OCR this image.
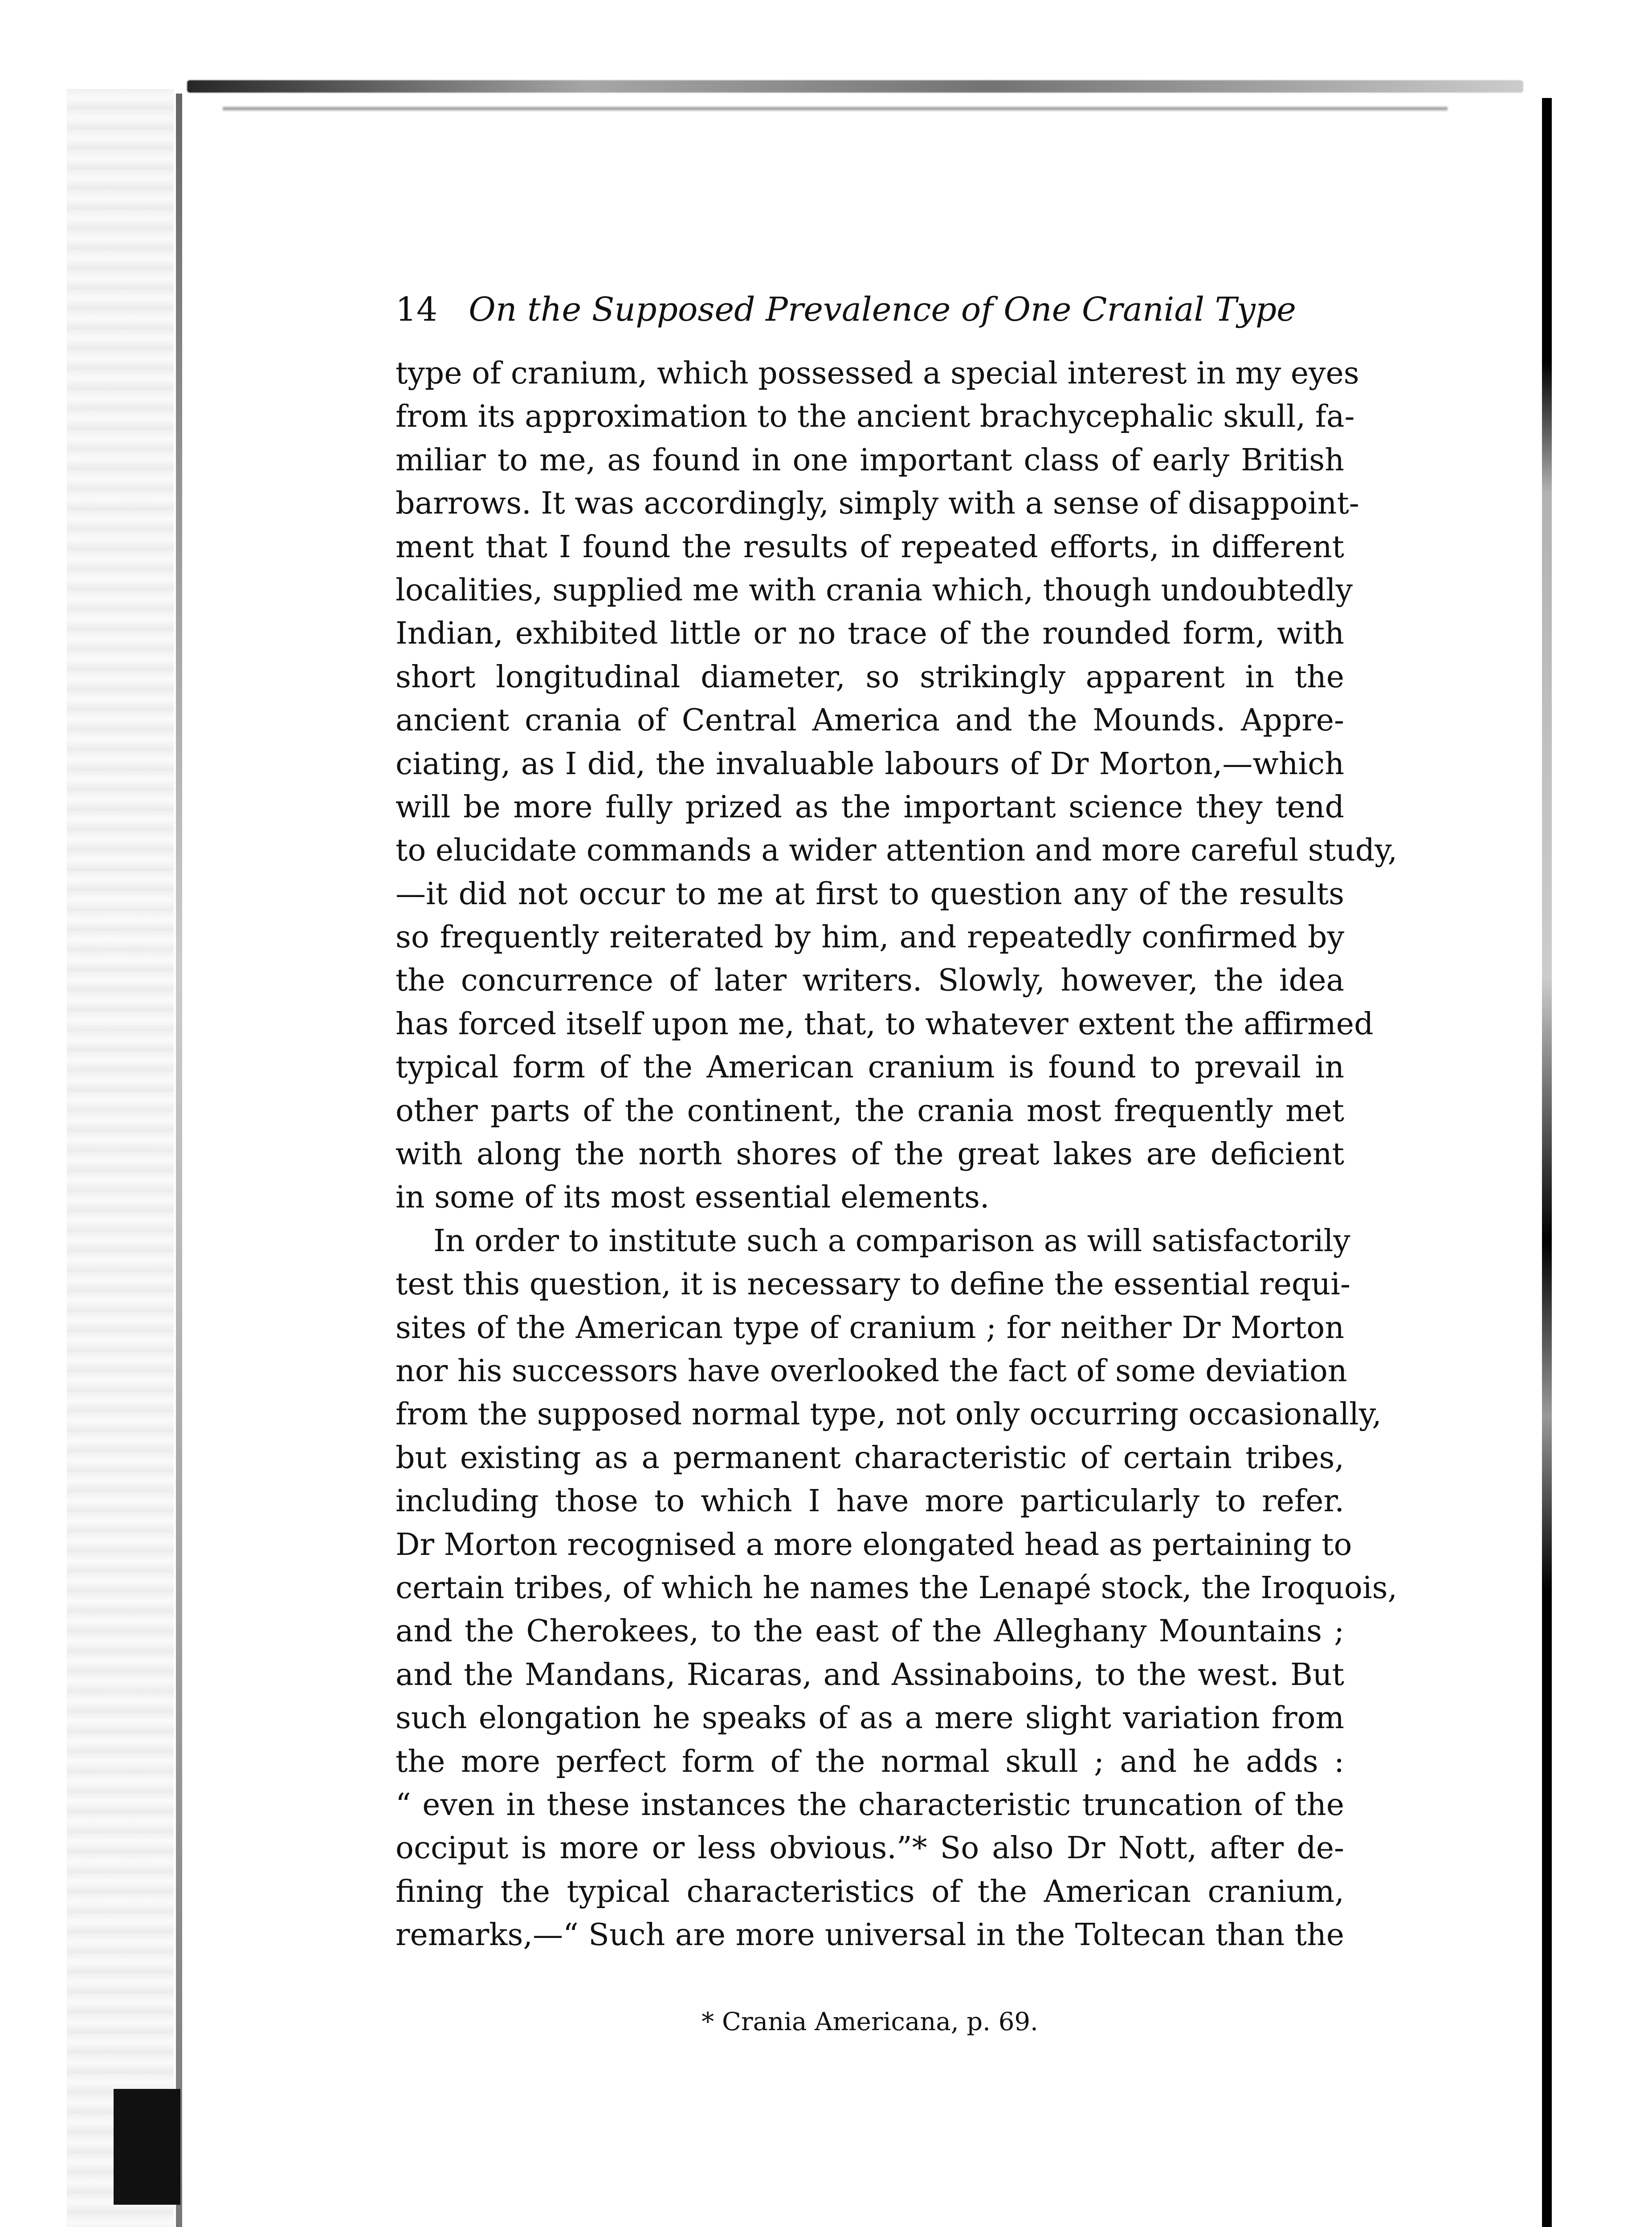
14 On the Supposed Prevalence of One Cranial Type
type of cranium, which possessed a special interest in my eyes
from its approximation to the ancient brachycephalic skull, fa-
miliar to me, as found in one important class of early British
barrows. It was accordingly, simply with a sense of disappoint-
ment that I found the results of repeated efforts, in different
localities, supplied me with crania which, though undoubtedly
Indian, exhibited little or no trace of the rounded form, with
short longitudinal diameter, so strikingly apparent in the
ancient crania of Central America and the Mounds. Appre-
ciating, as I did, the invaluable labours of Dr Morton,—which
will be more fully prized as the important science they tend
to elucidate commands a wider attention and more careful study,
—it did not occur to me at first to question any of the results
so frequently reiterated by him, and repeatedly confirmed by
the concurrence of later writers. Slowly, however, the idea
has forced itself upon me, that, to whatever extent the affirmed
typical form of the American cranium is found to prevail in
other parts of the continent, the crania most frequently met
with along the north shores of the great lakes are deficient
in some of its most essential elements.
In order to institute such a comparison as will satisfactorily
test this question, it is necessary to define the essential requi-
sites of the American type of cranium ; for neither Dr Morton
nor his successors have overlooked the fact of some deviation
from the supposed normal type, not only occurring occasionally,
but existing as a permanent characteristic of certain tribes,
including those to which I have more particularly to refer.
Dr Morton recognised a more elongated head as pertaining to
certain tribes, of which he names the Lenapé stock, the Iroquois,
and the Cherokees, to the east of the Alleghany Mountains ;
and the Mandans, Ricaras, and Assinaboins, to the west. But
such elongation he speaks of as a mere slight variation from
the more perfect form of the normal skull ; and he adds :
“ even in these instances the characteristic truncation of the
occiput is more or less obvious.”* So also Dr Nott, after de-
fining the typical characteristics of the American cranium,
remarks,—“ Such are more universal in the Toltecan than the
* Crania Americana, p. 69.
